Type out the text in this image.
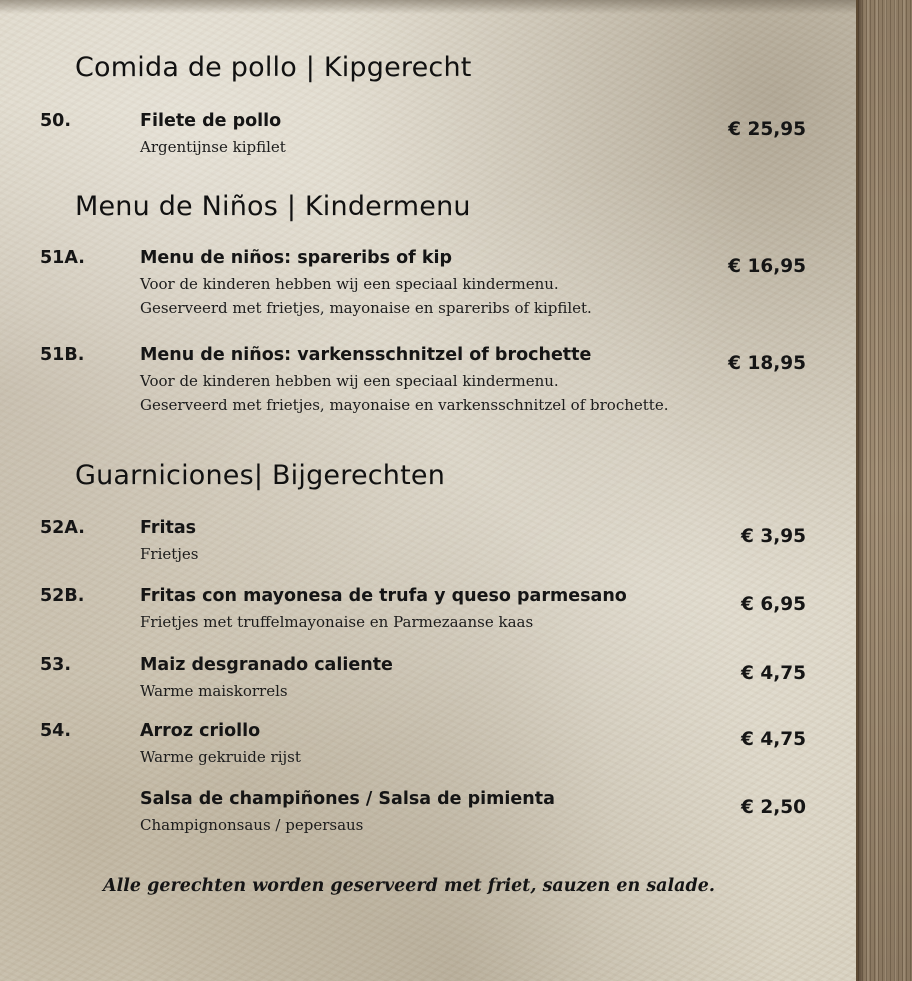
Comida de pollo | Kipgerecht
50.	Filete de pollo
Argentijnse kipfilet
€ 25,95
Menu de Niños | Kindermenu
51A.	Menu de niños: spareribs of kip
Voor de kinderen hebben wij een speciaal kindermenu.
Geserveerd met frietjes, mayonaise en spareribs of kipfilet.
€ 16,95
51B.	Menu de niños: varkensschnitzel of brochette
Voor de kinderen hebben wij een speciaal kindermenu.
Geserveerd met frietjes, mayonaise en varkensschnitzel of brochette.
€ 18,95
Guarniciones| Bijgerechten
52A.	Fritas
Frietjes
€ 3,95
52B.	Fritas con mayonesa de trufa y queso parmesano
Frietjes met truffelmayonaise en Parmezaanse kaas
€ 6,95
53.	Maiz desgranado caliente
Warme maiskorrels
€ 4,75
54.	Arroz criollo
Warme gekruide rijst
€ 4,75
Salsa de champiñones / Salsa de pimienta
Champignonsaus / pepersaus
€ 2,50
Alle gerechten worden geserveerd met friet, sauzen en salade.
